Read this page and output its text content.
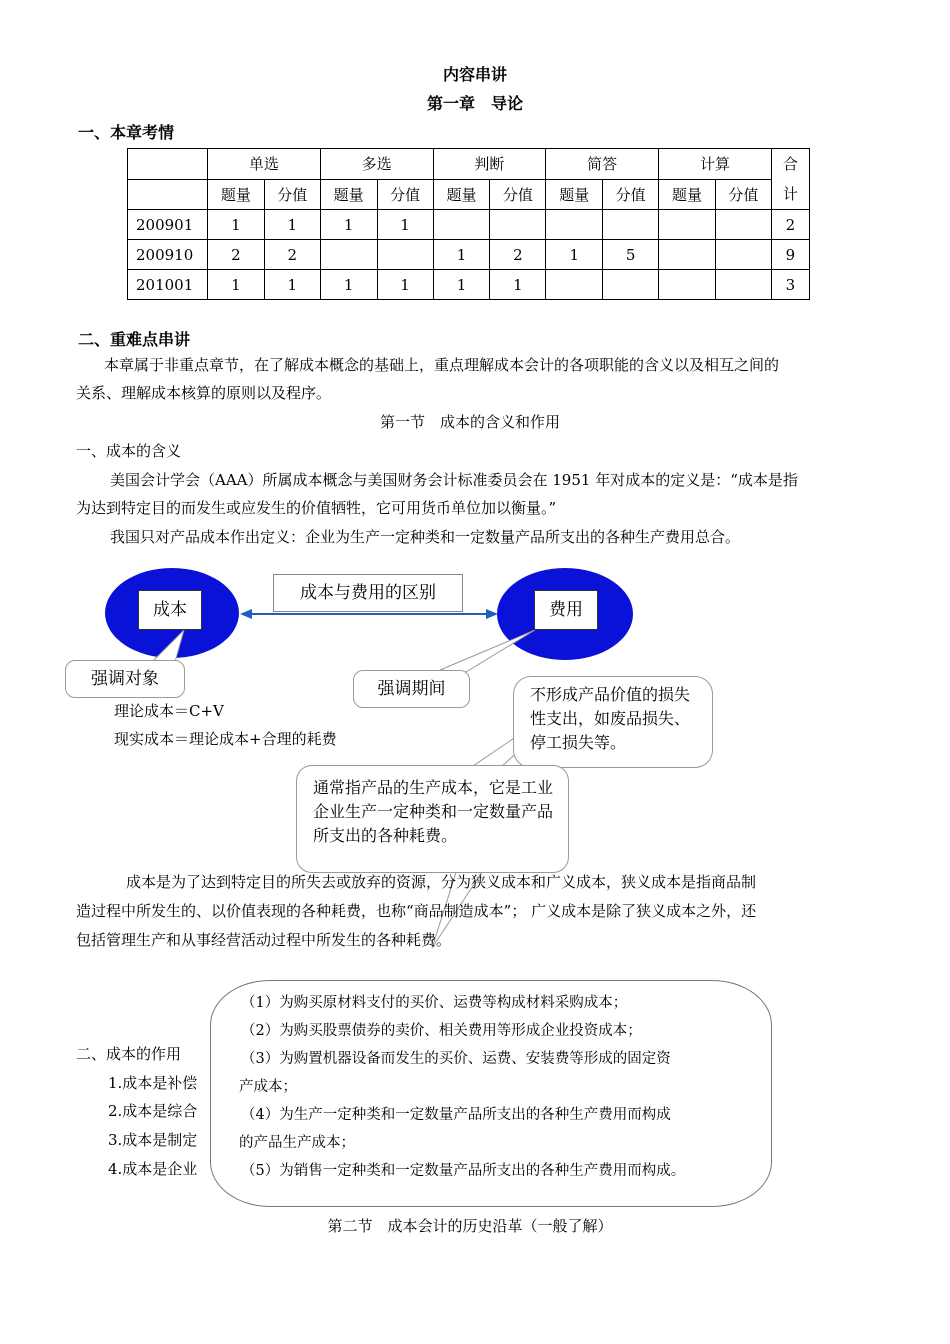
内容串讲
第一章　导论
一、本章考情
	单选		多选		判断		简答		计算		合计
	题量	分值	题量	分值	题量	分值	题量	分值	题量	分值	
200901	1	1	1	1							2
200910	2	2			1	2	1	5			9
201001	1	1	1	1	1	1					3
二、重难点串讲
本章属于非重点章节，在了解成本概念的基础上，重点理解成本会计的各项职能的含义以及相互之间的
关系、理解成本核算的原则以及程序。
第一节　成本的含义和作用
一、成本的含义
美国会计学会（AAA）所属成本概念与美国财务会计标准委员会在 1951 年对成本的定义是：“成本是指
为达到特定目的而发生或应发生的价值牺牲，它可用货币单位加以衡量。”
我国只对产品成本作出定义：企业为生产一定种类和一定数量产品所支出的各种生产费用总合。
成本	费用
成本与费用的区别
强调对象	强调期间
理论成本＝C+V
现实成本＝理论成本+合理的耗费
不形成产品价值的损失性支出，如废品损失、停工损失等。
通常指产品的生产成本，它是工业企业生产一定种类和一定数量产品所支出的各种耗费。
成本是为了达到特定目的所失去或放弃的资源，分为狭义成本和广义成本，狭义成本是指商品制
造过程中所发生的、以价值表现的各种耗费，也称“商品制造成本”； 广义成本是除了狭义成本之外，还
包括管理生产和从事经营活动过程中所发生的各种耗费。
二、成本的作用
1.成本是补偿
2.成本是综合
3.成本是制定
4.成本是企业
（1）为购买原材料支付的买价、运费等构成材料采购成本；
（2）为购买股票债券的卖价、相关费用等形成企业投资成本；
（3）为购置机器设备而发生的买价、运费、安装费等形成的固定资
产成本；
（4）为生产一定种类和一定数量产品所支出的各种生产费用而构成
的产品生产成本；
（5）为销售一定种类和一定数量产品所支出的各种生产费用而构成。
第二节　成本会计的历史沿革（一般了解）
